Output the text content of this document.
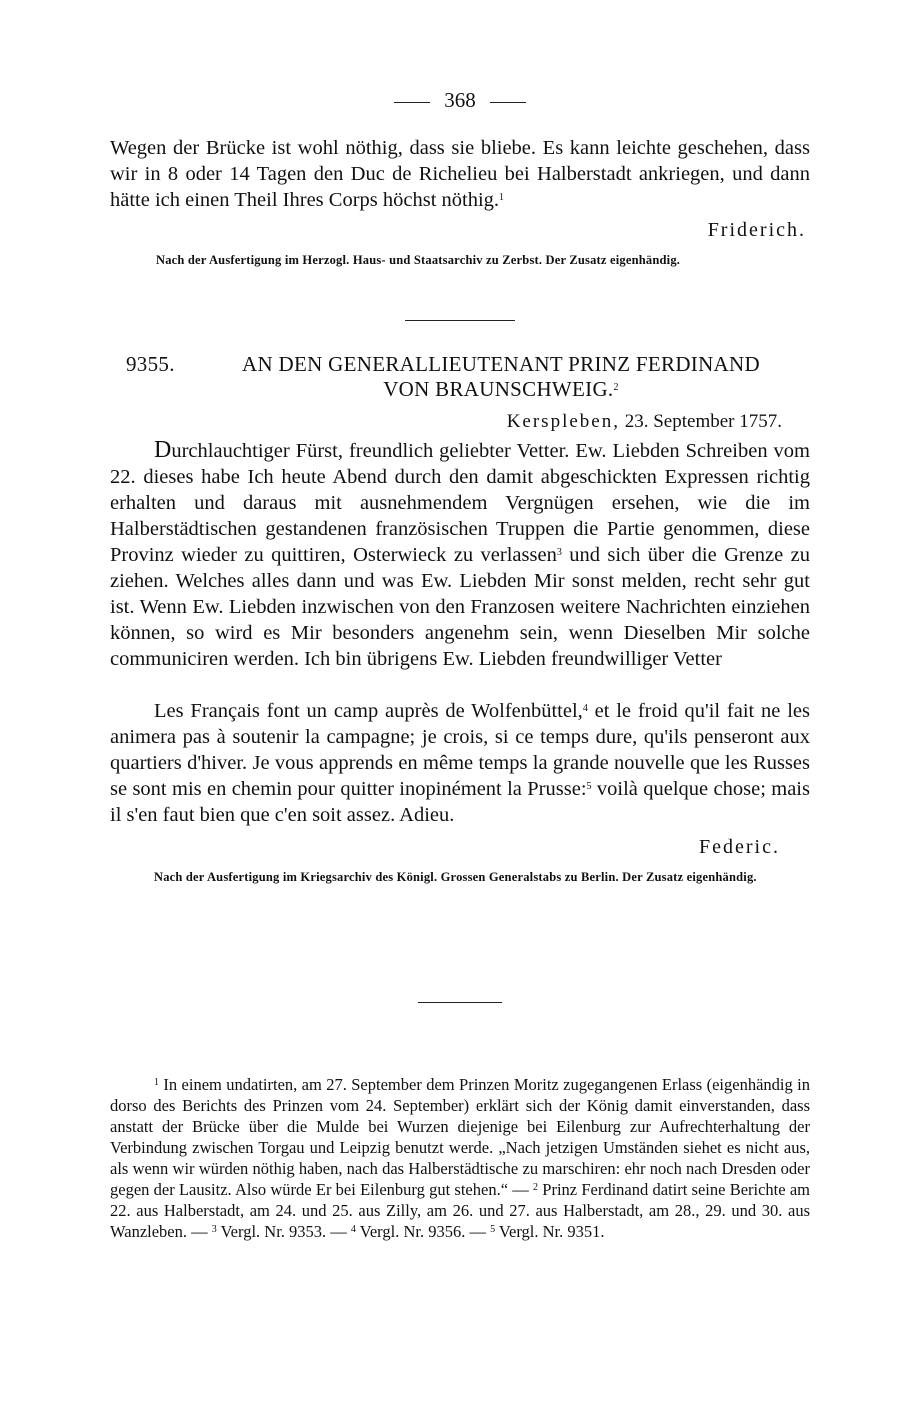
368

Wegen der Brücke ist wohl nöthig, dass sie bliebe. Es kann leichte geschehen, dass wir in 8 oder 14 Tagen den Duc de Richelieu bei Halberstadt ankriegen, und dann hätte ich einen Theil Ihres Corps höchst nöthig.$^1$

Friderich.

Nach der Ausfertigung im Herzogl. Haus- und Staatsarchiv zu Zerbst. Der Zusatz eigenhändig.

9355.	AN DEN GENERALLIEUTENANT PRINZ FERDINAND
VON BRAUNSCHWEIG.$^2$
Kerspleben, 23. September 1757.

Durchlauchtiger Fürst, freundlich geliebter Vetter. Ew. Liebden Schreiben vom 22. dieses habe Ich heute Abend durch den damit abgeschickten Expressen richtig erhalten und daraus mit ausnehmendem Vergnügen ersehen, wie die im Halberstädtischen gestandenen französischen Truppen die Partie genommen, diese Provinz wieder zu quittiren, Osterwieck zu verlassen$^3$ und sich über die Grenze zu ziehen. Welches alles dann und was Ew. Liebden Mir sonst melden, recht sehr gut ist. Wenn Ew. Liebden inzwischen von den Franzosen weitere Nachrichten einziehen können, so wird es Mir besonders angenehm sein, wenn Dieselben Mir solche communiciren werden. Ich bin übrigens Ew. Liebden freundwilliger Vetter

Les Français font un camp auprès de Wolfenbüttel,$^4$ et le froid qu'il fait ne les animera pas à soutenir la campagne; je crois, si ce temps dure, qu'ils penseront aux quartiers d'hiver. Je vous apprends en même temps la grande nouvelle que les Russes se sont mis en chemin pour quitter inopinément la Prusse:$^5$ voilà quelque chose; mais il s'en faut bien que c'en soit assez. Adieu.

Federic.

Nach der Ausfertigung im Kriegsarchiv des Königl. Grossen Generalstabs zu Berlin. Der Zusatz eigenhändig.

$^1$ In einem undatirten, am 27. September dem Prinzen Moritz zugegangenen Erlass (eigenhändig in dorso des Berichts des Prinzen vom 24. September) erklärt sich der König damit einverstanden, dass anstatt der Brücke über die Mulde bei Wurzen diejenige bei Eilenburg zur Aufrechterhaltung der Verbindung zwischen Torgau und Leipzig benutzt werde. „Nach jetzigen Umständen siehet es nicht aus, als wenn wir würden nöthig haben, nach das Halberstädtische zu marschiren: ehr noch nach Dresden oder gegen der Lausitz. Also würde Er bei Eilenburg gut stehen.“ — $^2$ Prinz Ferdinand datirt seine Berichte am 22. aus Halberstadt, am 24. und 25. aus Zilly, am 26. und 27. aus Halberstadt, am 28., 29. und 30. aus Wanzleben. — $^3$ Vergl. Nr. 9353. — $^4$ Vergl. Nr. 9356. — $^5$ Vergl. Nr. 9351.
